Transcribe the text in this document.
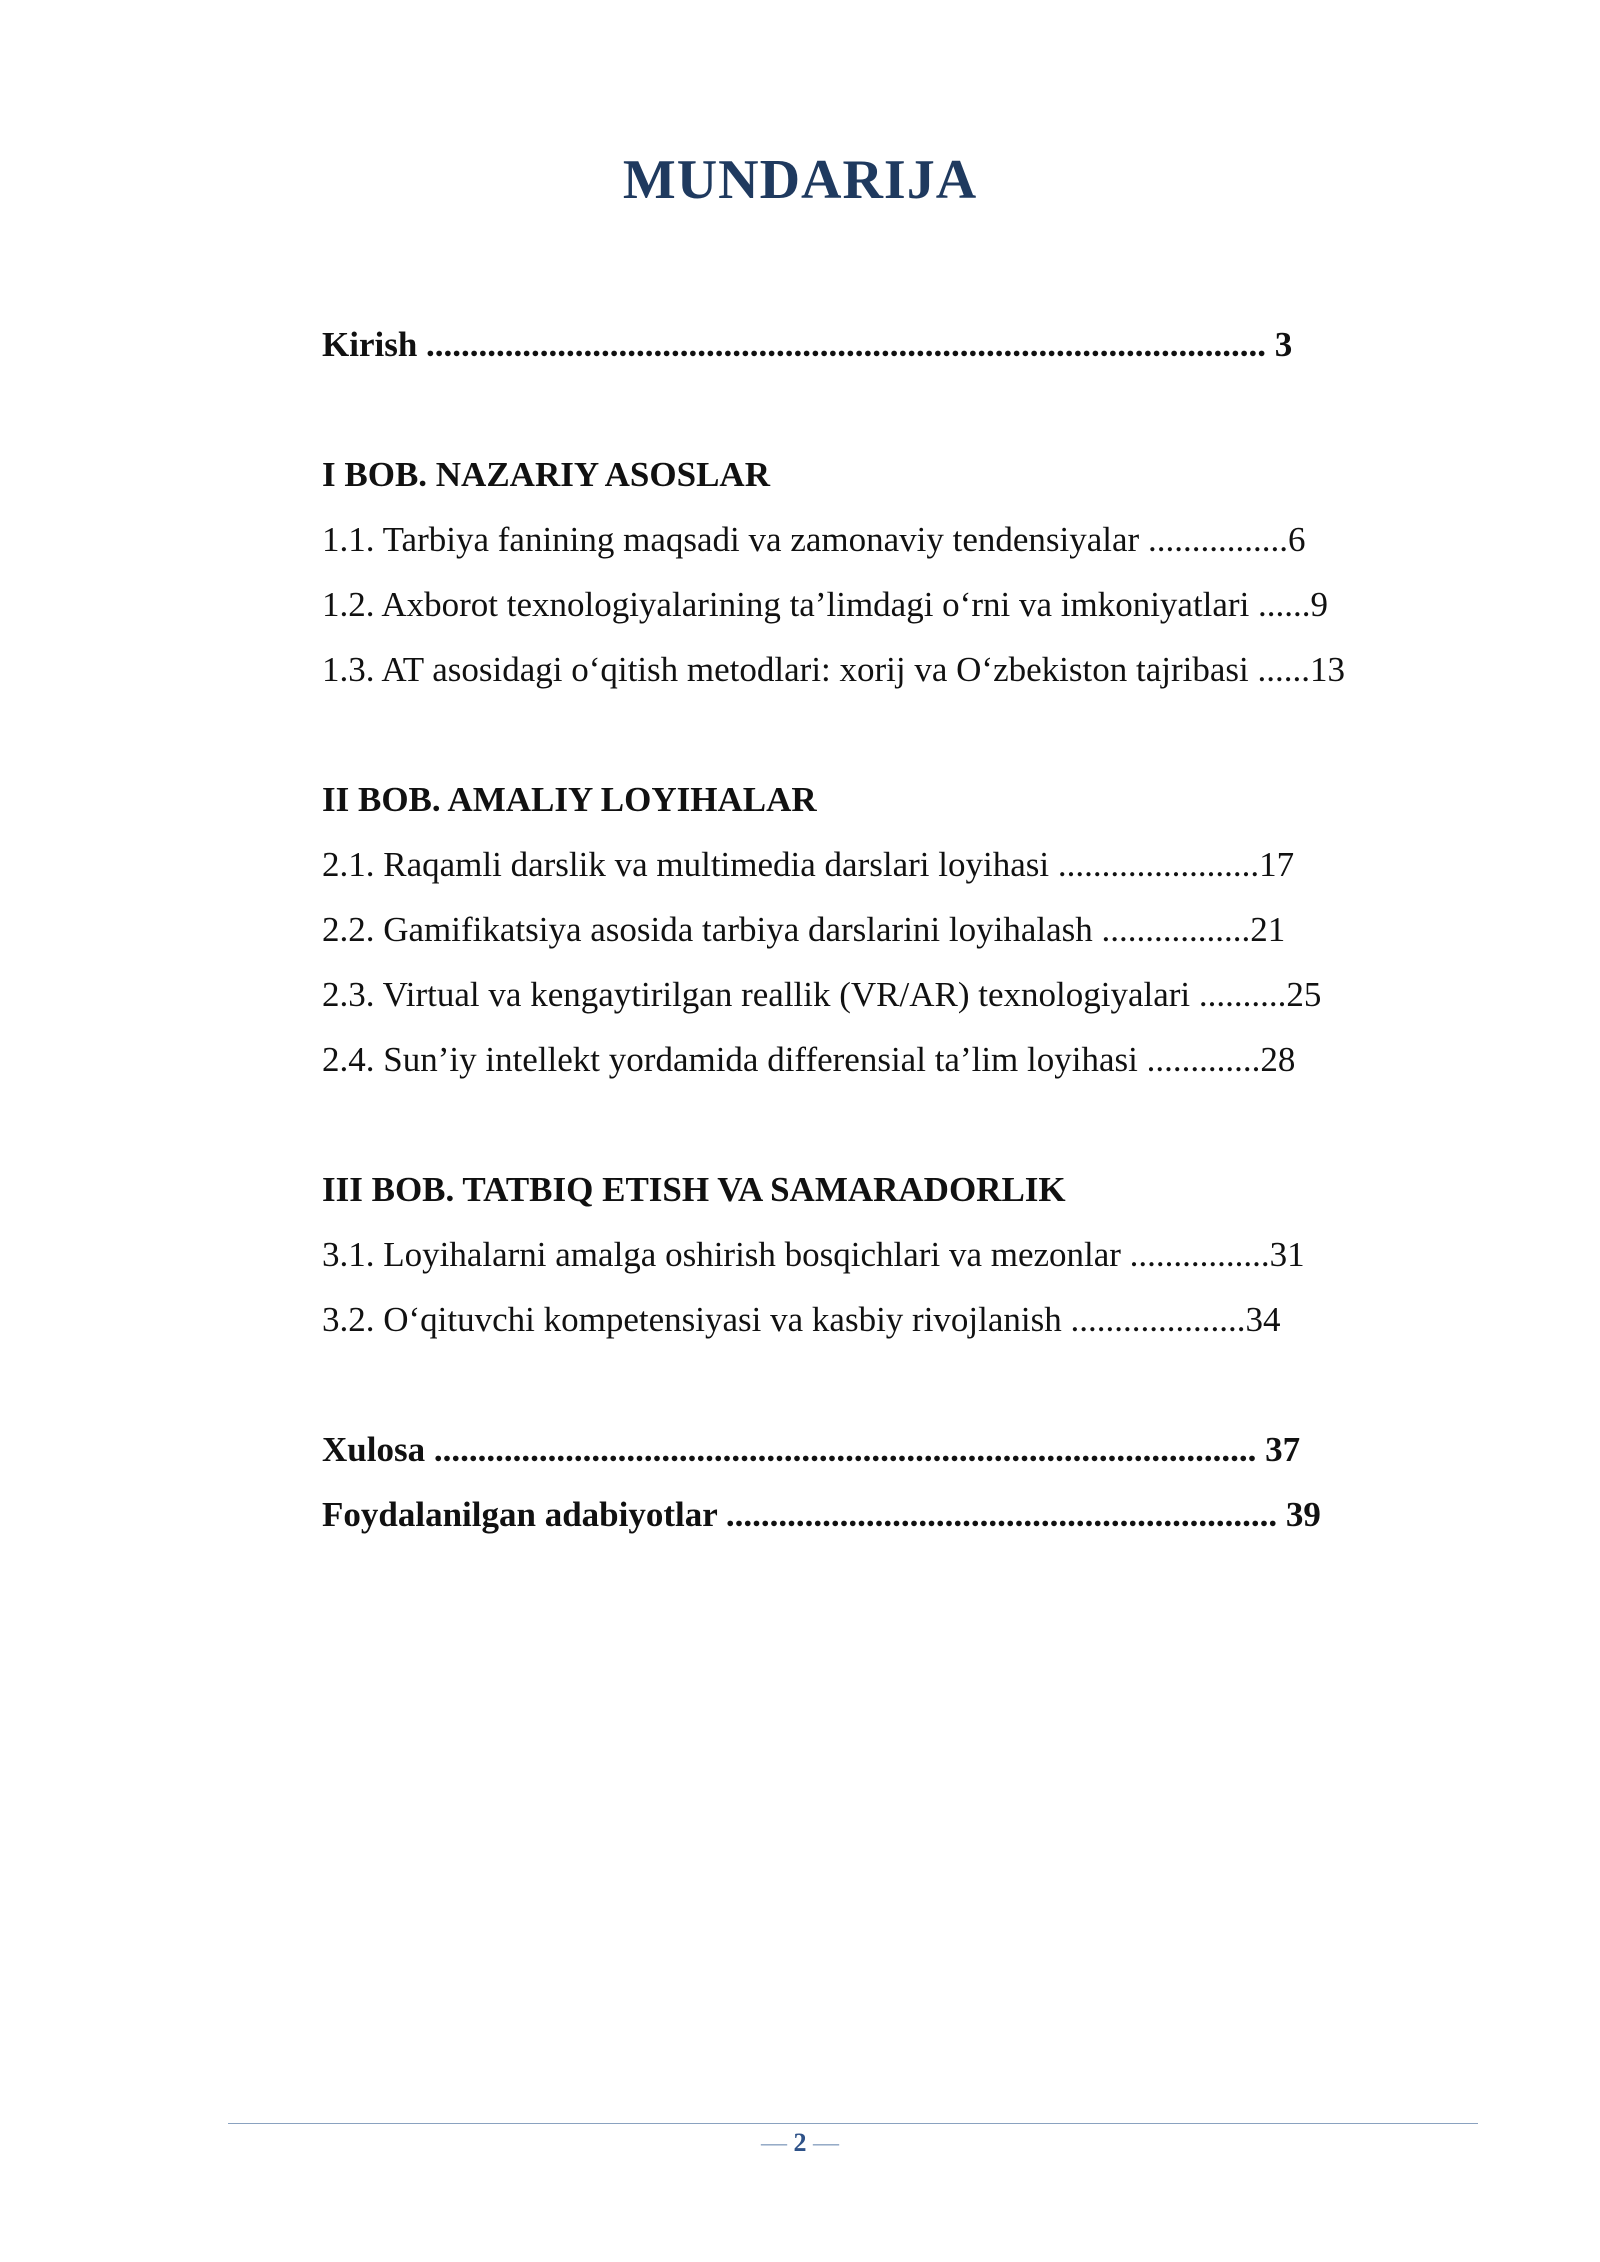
MUNDARIJA
Kirish ................................................................................................ 3
I BOB. NAZARIY ASOSLAR
1.1. Tarbiya fanining maqsadi va zamonaviy tendensiyalar ................6
1.2. Axborot texnologiyalarining ta’limdagi o‘rni va imkoniyatlari ......9
1.3. AT asosidagi o‘qitish metodlari: xorij va O‘zbekiston tajribasi ......13
II BOB. AMALIY LOYIHALAR
2.1. Raqamli darslik va multimedia darslari loyihasi .......................17
2.2. Gamifikatsiya asosida tarbiya darslarini loyihalash .................21
2.3. Virtual va kengaytirilgan reallik (VR/AR) texnologiyalari ..........25
2.4. Sun’iy intellekt yordamida differensial ta’lim loyihasi .............28
III BOB. TATBIQ ETISH VA SAMARADORLIK
3.1. Loyihalarni amalga oshirish bosqichlari va mezonlar ................31
3.2. O‘qituvchi kompetensiyasi va kasbiy rivojlanish ....................34
Xulosa .............................................................................................. 37
Foydalanilgan adabiyotlar ............................................................... 39
— 2 —
